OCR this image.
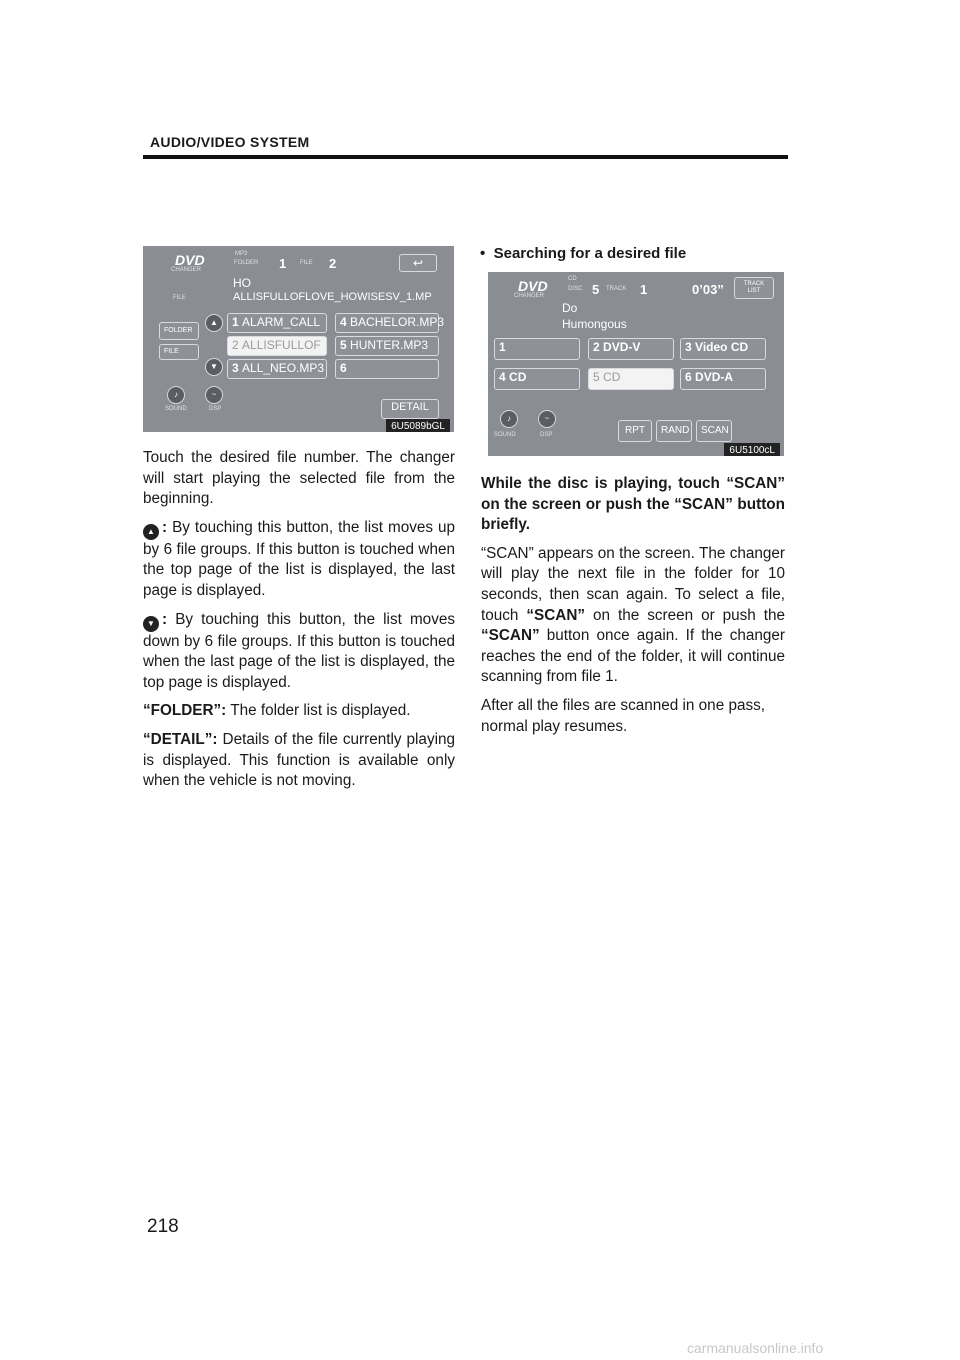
AUDIO/VIDEO SYSTEM
DVD
CHANGER
MP3
FOLDER 1 FILE 2	↩
HO
FILE	ALLISFULLOFLOVE_HOWISESV_1.MP
FOLDER
FILE
▲
▼
1 ALARM_CALL
2 ALLISFULLOF
3 ALL_NEO.MP3
4 BACHELOR.MP3
5 HUNTER.MP3
6
♪
SOUND
~
DSP	DETAIL
6U5089bGL
DVD
CHANGER
CD
DISC 5 TRACK 1	0’03”	TRACK LIST
Do
Humongous
1	2 DVD-V	3 Video CD
4 CD	5 CD	6 DVD-A
♪
SOUND
~
DSP	RPT	RAND	SCAN
6U5100cL

Touch the desired file number. The changer will start playing the selected file from the beginning.

▲ : By touching this button, the list moves up by 6 file groups. If this button is touched when the top page of the list is displayed, the last page is displayed.

▼ : By touching this button, the list moves down by 6 file groups. If this button is touched when the last page of the list is displayed, the top page is displayed.

“FOLDER”: The folder list is displayed.

“DETAIL”: Details of the file currently playing is displayed. This function is available only when the vehicle is not moving.

• Searching for a desired file

While the disc is playing, touch “SCAN” on the screen or push the “SCAN” button briefly.

“SCAN” appears on the screen. The changer will play the next file in the folder for 10 seconds, then scan again. To select a file, touch “SCAN” on the screen or push the “SCAN” button once again. If the changer reaches the end of the folder, it will continue scanning from file 1.

After all the files are scanned in one pass, normal play resumes.

218
carmanualsonline.info
